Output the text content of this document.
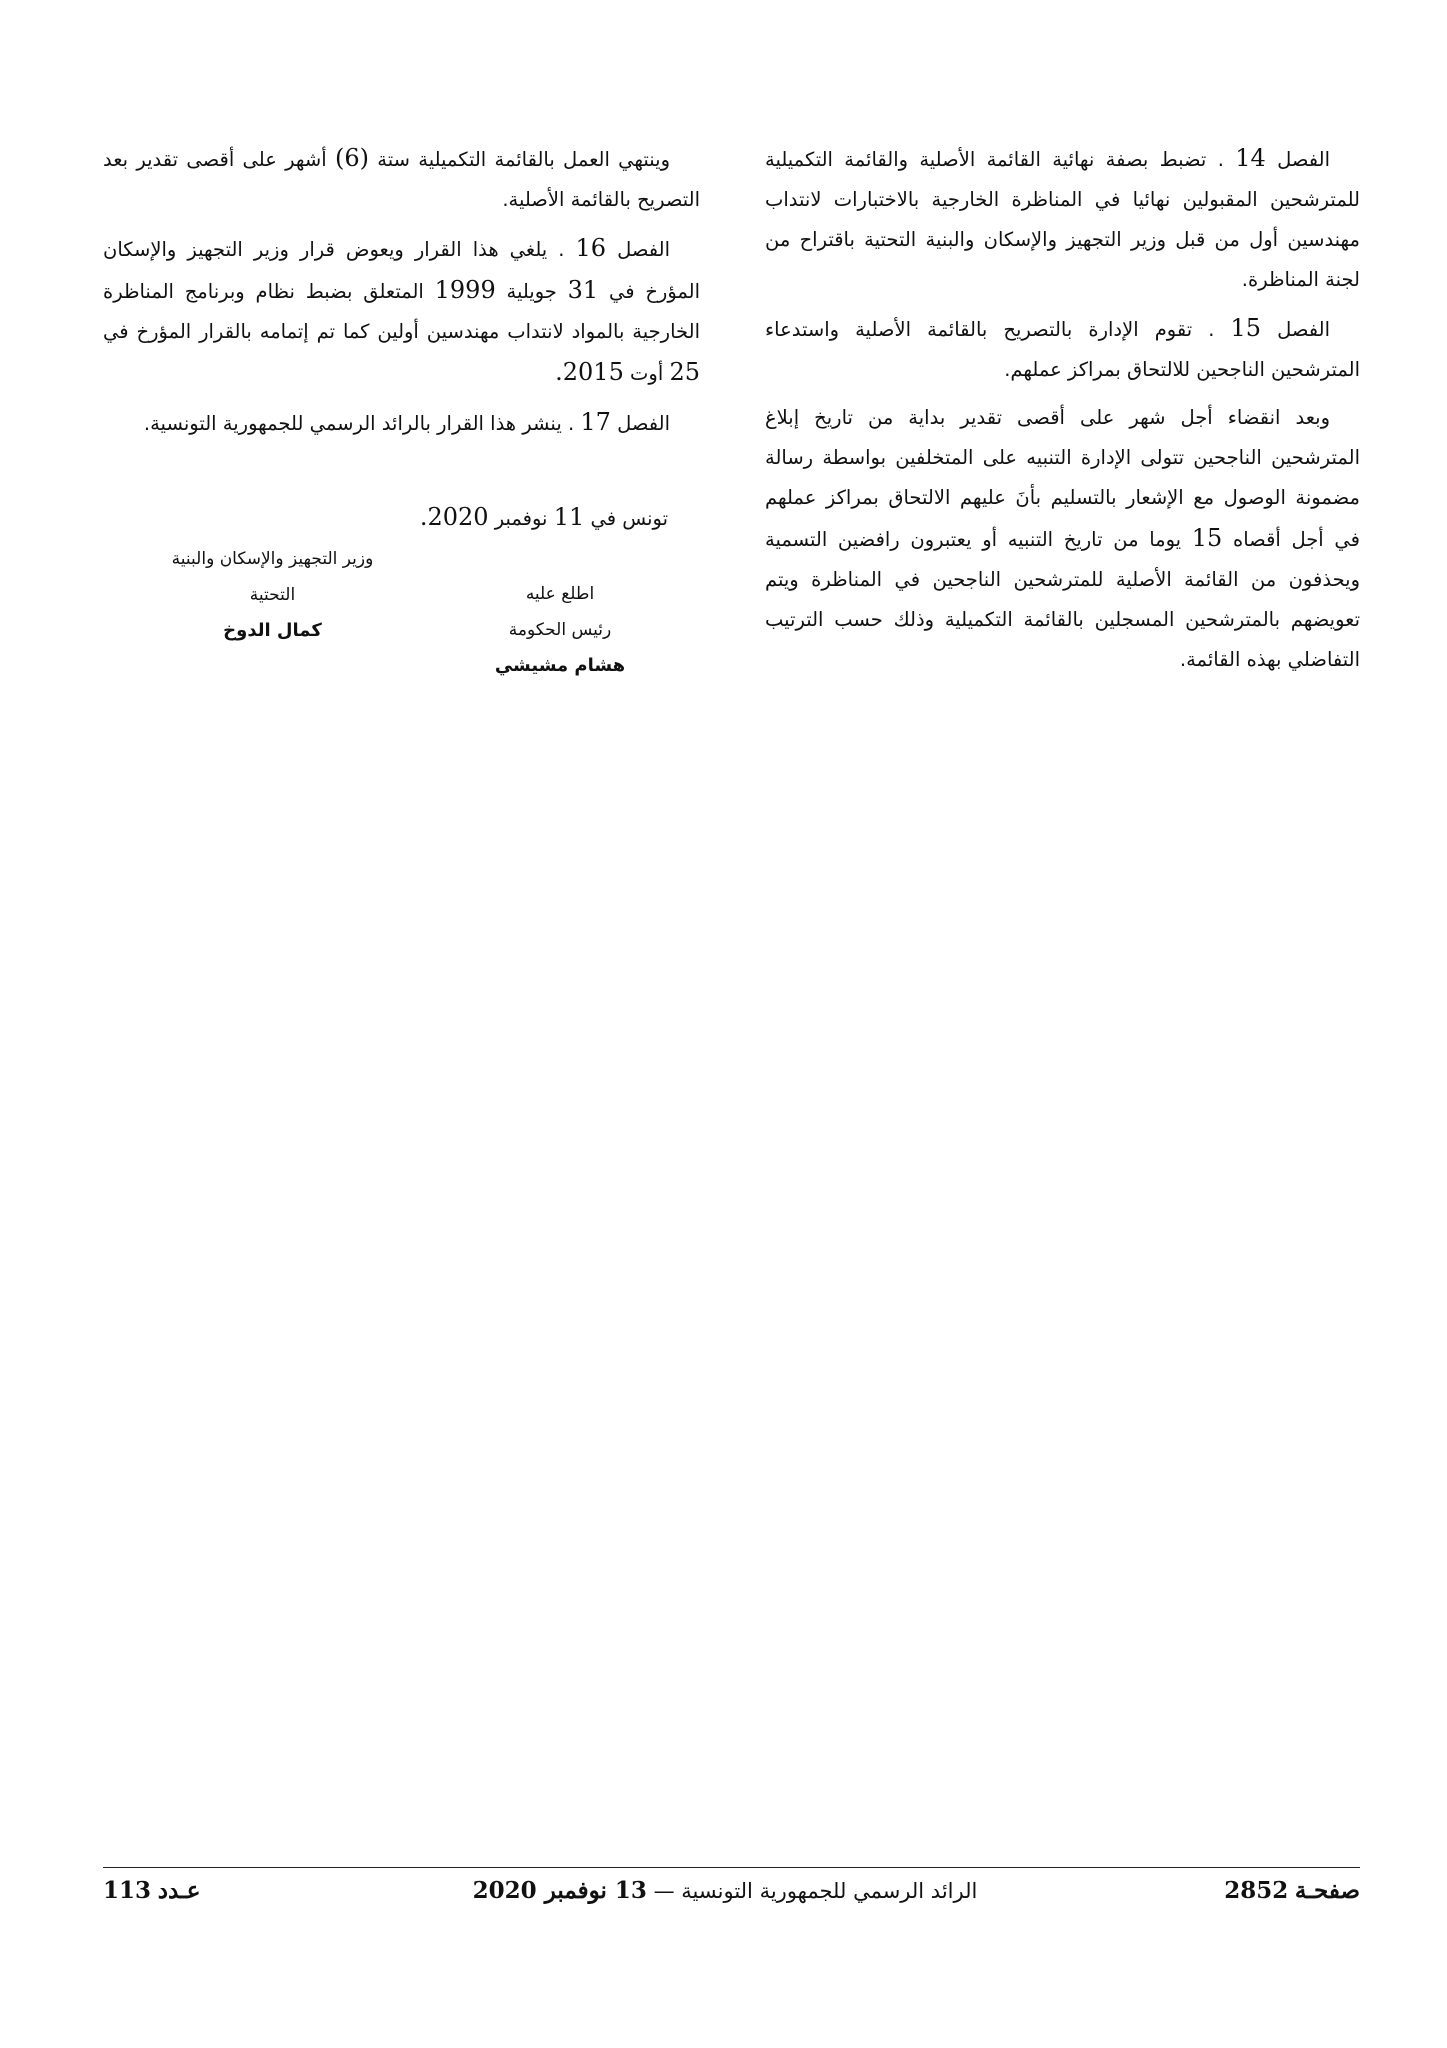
الفصل 14 . تضبط بصفة نهائية القائمة الأصلية والقائمة التكميلية للمترشحين المقبولين نهائيا في المناظرة الخارجية بالاختبارات لانتداب مهندسين أول من قبل وزير التجهيز والإسكان والبنية التحتية باقتراح من لجنة المناظرة.

الفصل 15 . تقوم الإدارة بالتصريح بالقائمة الأصلية واستدعاء المترشحين الناجحين للالتحاق بمراكز عملهم.

وبعد انقضاء أجل شهر على أقصى تقدير بداية من تاريخ إبلاغ المترشحين الناجحين تتولى الإدارة التنبيه على المتخلفين بواسطة رسالة مضمونة الوصول مع الإشعار بالتسليم بأنَ عليهم الالتحاق بمراكز عملهم في أجل أقصاه 15 يوما من تاريخ التنبيه أو يعتبرون رافضين التسمية ويحذفون من القائمة الأصلية للمترشحين الناجحين في المناظرة ويتم تعويضهم بالمترشحين المسجلين بالقائمة التكميلية وذلك حسب الترتيب التفاضلي بهذه القائمة.

وينتهي العمل بالقائمة التكميلية ستة (6) أشهر على أقصى تقدير بعد التصريح بالقائمة الأصلية.

الفصل 16 . يلغي هذا القرار ويعوض قرار وزير التجهيز والإسكان المؤرخ في 31 جويلية 1999 المتعلق بضبط نظام وبرنامج المناظرة الخارجية بالمواد لانتداب مهندسين أولين كما تم إتمامه بالقرار المؤرخ في 25 أوت 2015.

الفصل 17 . ينشر هذا القرار بالرائد الرسمي للجمهورية التونسية.

تونس في 11 نوفمبر 2020.
وزير التجهيز والإسكان والبنية
التحتية
كمال الدوخ
اطلع عليه
رئيس الحكومة
هشام مشيشي
صفحـة 2852
الرائد الرسمي للجمهورية التونسية — 13 نوفمبر 2020
عـدد 113
